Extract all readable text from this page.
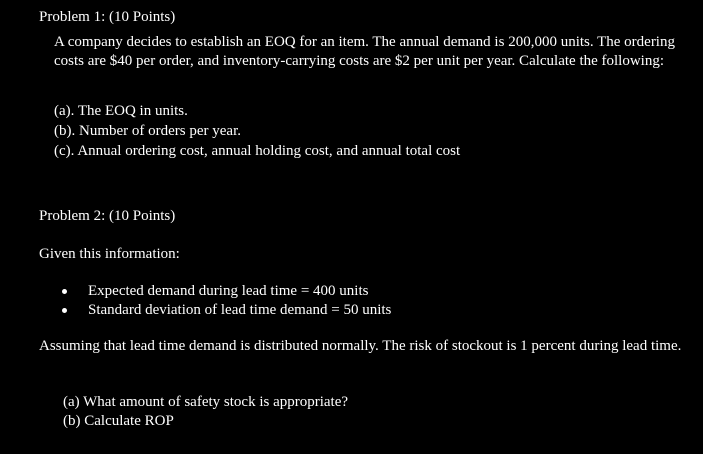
Problem 1: (10 Points)
A company decides to establish an EOQ for an item. The annual demand is 200,000 units. The ordering costs are $40 per order, and inventory-carrying costs are $2 per unit per year. Calculate the following:
(a). The EOQ in units.
(b). Number of orders per year.
(c). Annual ordering cost, annual holding cost, and annual total cost
Problem 2: (10 Points)
Given this information:
Expected demand during lead time = 400 units
Standard deviation of lead time demand = 50 units
Assuming that lead time demand is distributed normally. The risk of stockout is 1 percent during lead time.
(a) What amount of safety stock is appropriate?
(b) Calculate ROP
